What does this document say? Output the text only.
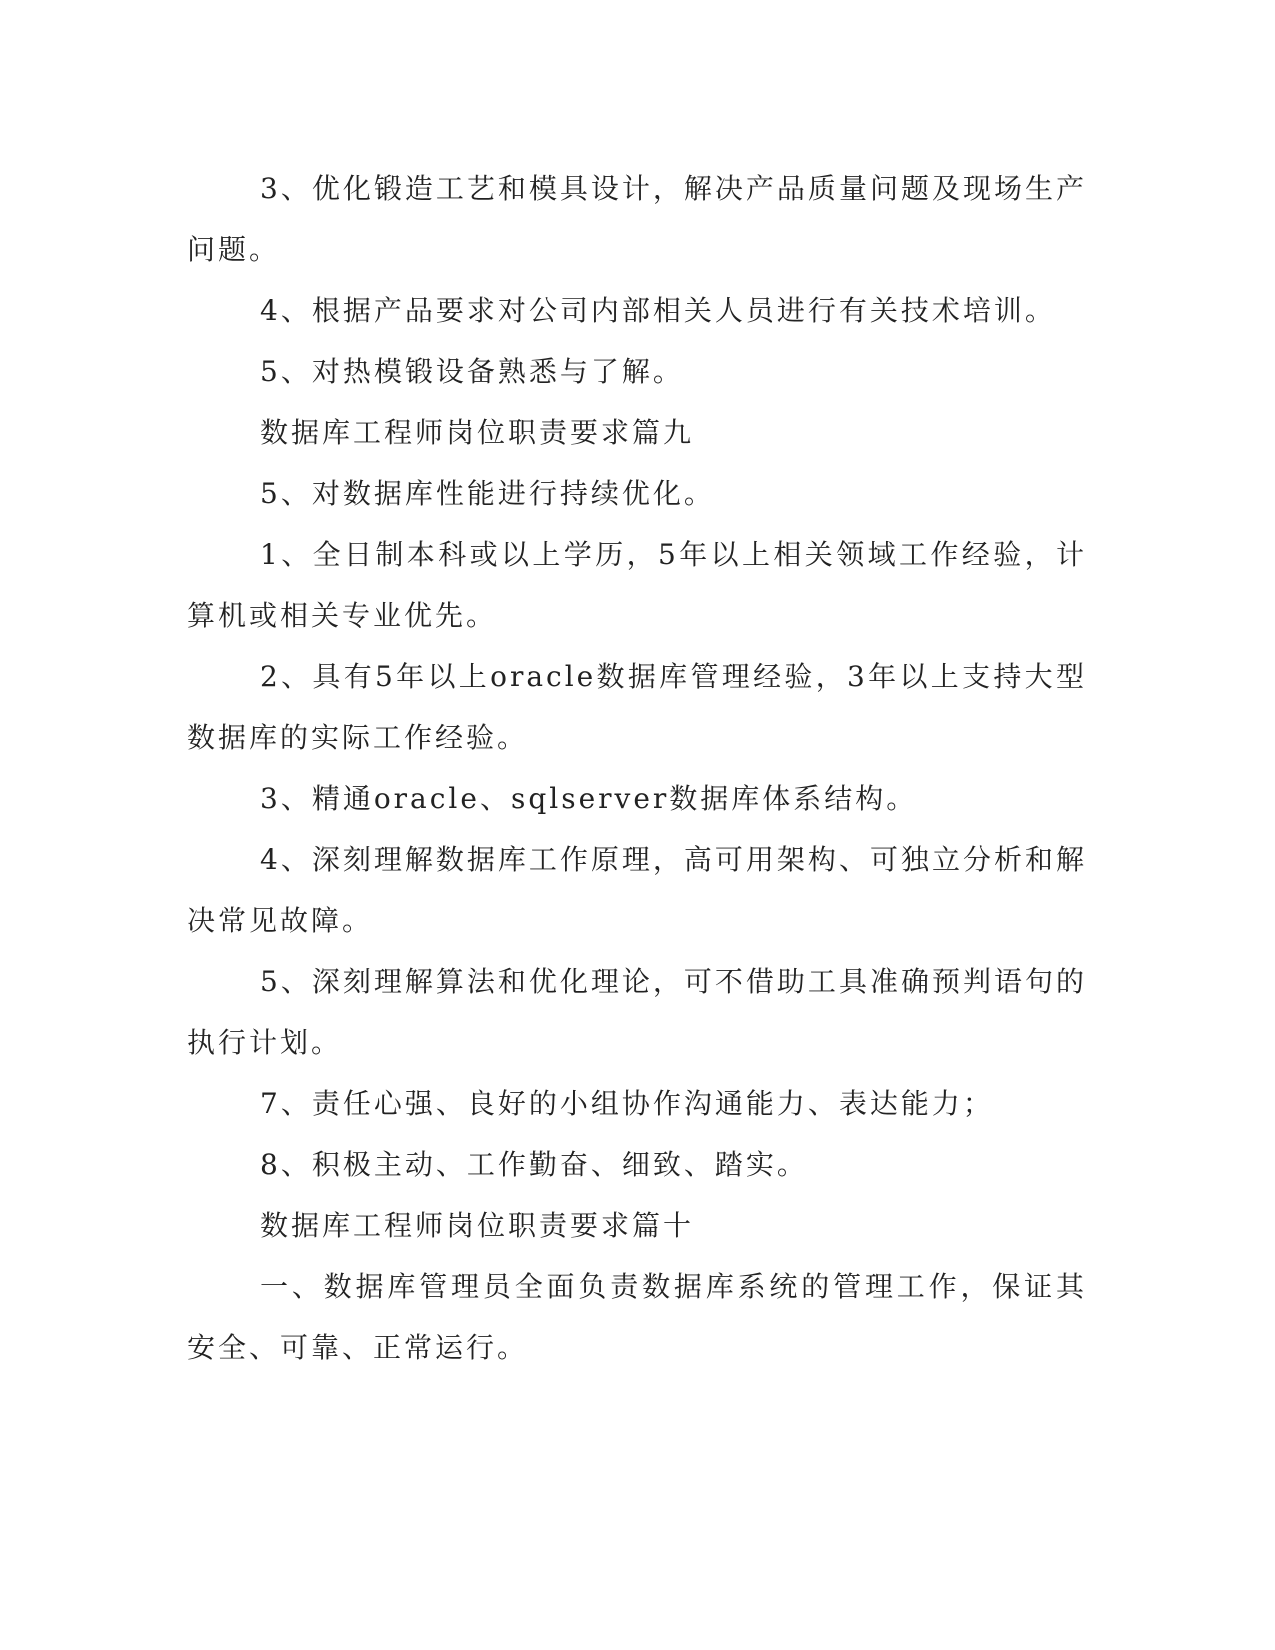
3、优化锻造工艺和模具设计，解决产品质量问题及现场生产问题。

4、根据产品要求对公司内部相关人员进行有关技术培训。

5、对热模锻设备熟悉与了解。

数据库工程师岗位职责要求篇九

5、对数据库性能进行持续优化。

1、全日制本科或以上学历，5年以上相关领域工作经验，计算机或相关专业优先。

2、具有5年以上oracle数据库管理经验，3年以上支持大型数据库的实际工作经验。

3、精通oracle、sqlserver数据库体系结构。

4、深刻理解数据库工作原理，高可用架构、可独立分析和解决常见故障。

5、深刻理解算法和优化理论，可不借助工具准确预判语句的执行计划。

7、责任心强、良好的小组协作沟通能力、表达能力；

8、积极主动、工作勤奋、细致、踏实。

数据库工程师岗位职责要求篇十

一、数据库管理员全面负责数据库系统的管理工作，保证其安全、可靠、正常运行。
